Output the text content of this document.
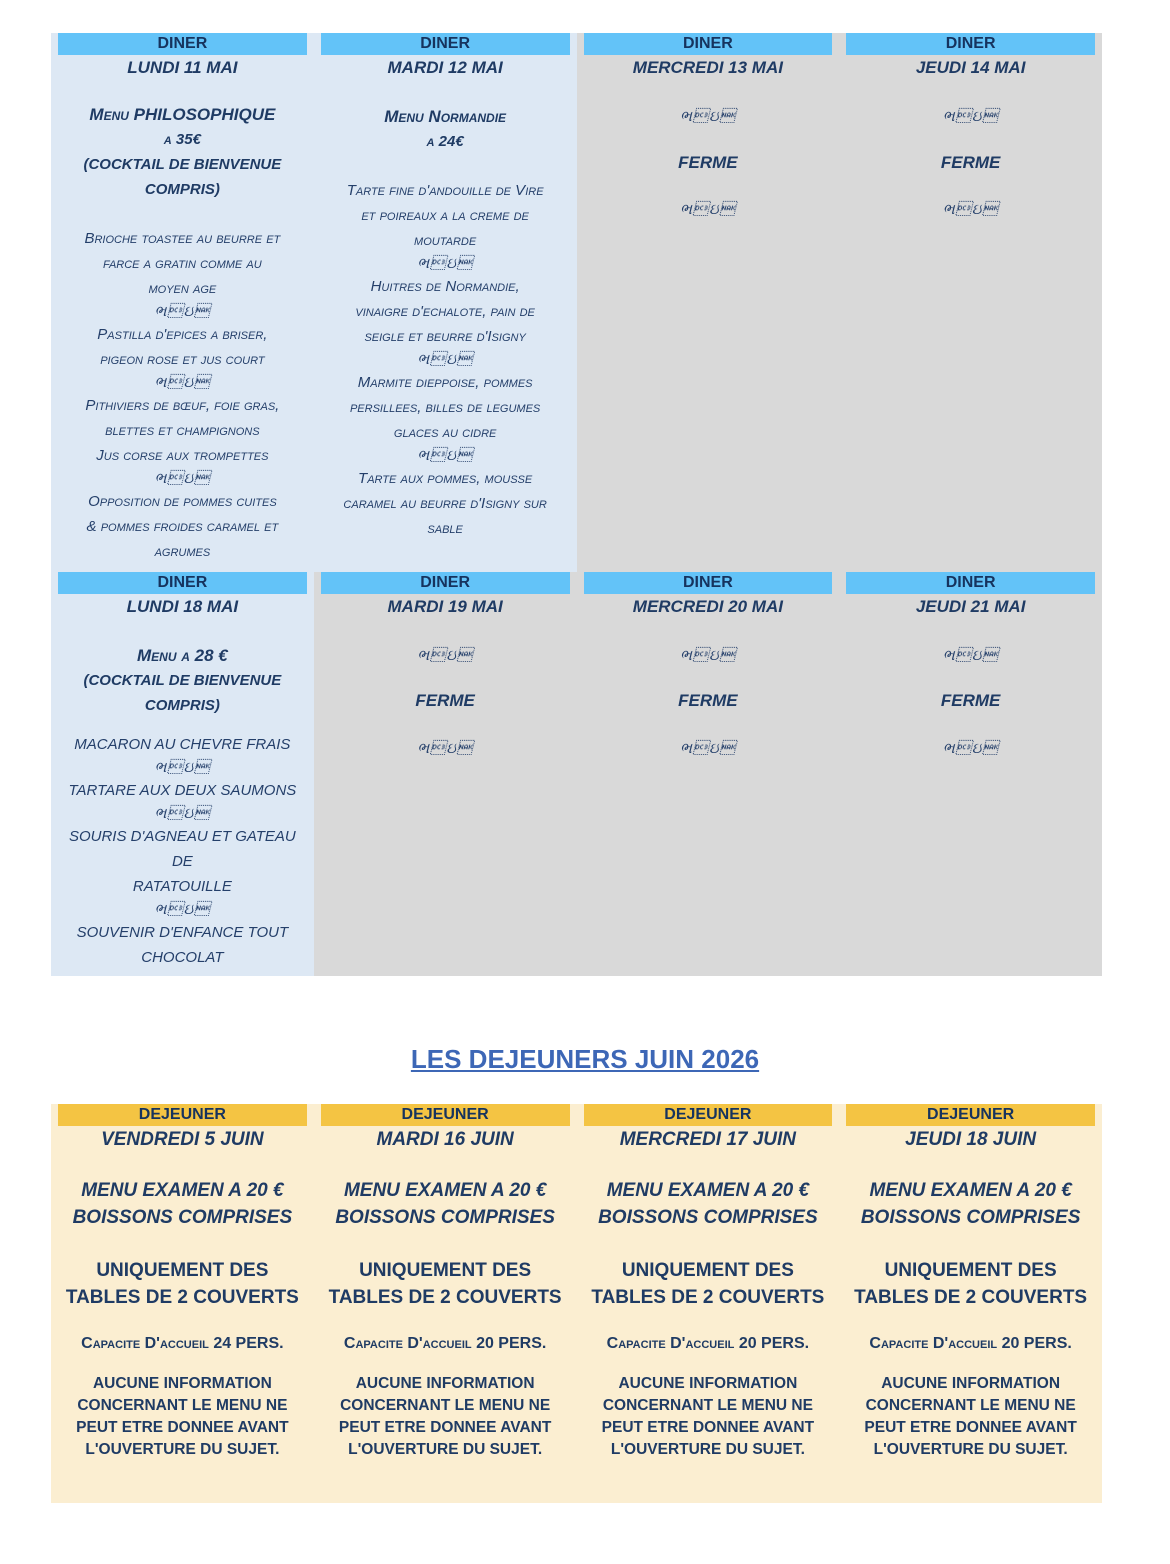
DINER
LUNDI 11 MAI
Menu PHILOSOPHIQUE
a 35€
(COCKTAIL DE BIENVENUE
COMPRIS)
Brioche toastee au beurre et
farce a gratin comme au
moyen age
ભઇ
Pastilla d'epices a briser,
pigeon rose et jus court
ભઇ
Pithiviers de bœuf, foie gras,
blettes et champignons
Jus corse aux trompettes
ભઇ
Opposition de pommes cuites
& pommes froides caramel et
agrumes
DINER
MARDI 12 MAI
Menu Normandie
a 24€
Tarte fine d'andouille de Vire
et poireaux a la creme de
moutarde
ભઇ
Huitres de Normandie,
vinaigre d'echalote, pain de
seigle et beurre d'Isigny
ભઇ
Marmite dieppoise, pommes
persillees, billes de legumes
glaces au cidre
ભઇ
Tarte aux pommes, mousse
caramel au beurre d'Isigny sur
sable
DINER
MERCREDI 13 MAI
ભઇ
FERME
ભઇ
DINER
JEUDI 14 MAI
ભઇ
FERME
ભઇ
DINER
LUNDI 18 MAI
Menu a 28 €
(COCKTAIL DE BIENVENUE
COMPRIS)
MACARON AU CHEVRE FRAIS
ભઇ
TARTARE AUX DEUX SAUMONS
ભઇ
SOURIS D'AGNEAU ET GATEAU DE
RATATOUILLE
ભઇ
SOUVENIR D'ENFANCE TOUT
CHOCOLAT
DINER
MARDI 19 MAI
ભઇ
FERME
ભઇ
DINER
MERCREDI 20 MAI
ભઇ
FERME
ભઇ
DINER
JEUDI 21 MAI
ભઇ
FERME
ભઇ
LES DEJEUNERS JUIN 2026
DEJEUNER
VENDREDI 5 JUIN
MENU EXAMEN A 20 €
BOISSONS COMPRISES
UNIQUEMENT DES
TABLES DE 2 COUVERTS
Capacite D'accueil 24 PERS.
AUCUNE INFORMATION
CONCERNANT LE MENU NE
PEUT ETRE DONNEE AVANT
L'OUVERTURE DU SUJET.
DEJEUNER
MARDI 16 JUIN
MENU EXAMEN A 20 €
BOISSONS COMPRISES
UNIQUEMENT DES
TABLES DE 2 COUVERTS
Capacite D'accueil 20 PERS.
AUCUNE INFORMATION
CONCERNANT LE MENU NE
PEUT ETRE DONNEE AVANT
L'OUVERTURE DU SUJET.
DEJEUNER
MERCREDI 17 JUIN
MENU EXAMEN A 20 €
BOISSONS COMPRISES
UNIQUEMENT DES
TABLES DE 2 COUVERTS
Capacite D'accueil 20 PERS.
AUCUNE INFORMATION
CONCERNANT LE MENU NE
PEUT ETRE DONNEE AVANT
L'OUVERTURE DU SUJET.
DEJEUNER
JEUDI 18 JUIN
MENU EXAMEN A 20 €
BOISSONS COMPRISES
UNIQUEMENT DES
TABLES DE 2 COUVERTS
Capacite D'accueil 20 PERS.
AUCUNE INFORMATION
CONCERNANT LE MENU NE
PEUT ETRE DONNEE AVANT
L'OUVERTURE DU SUJET.
